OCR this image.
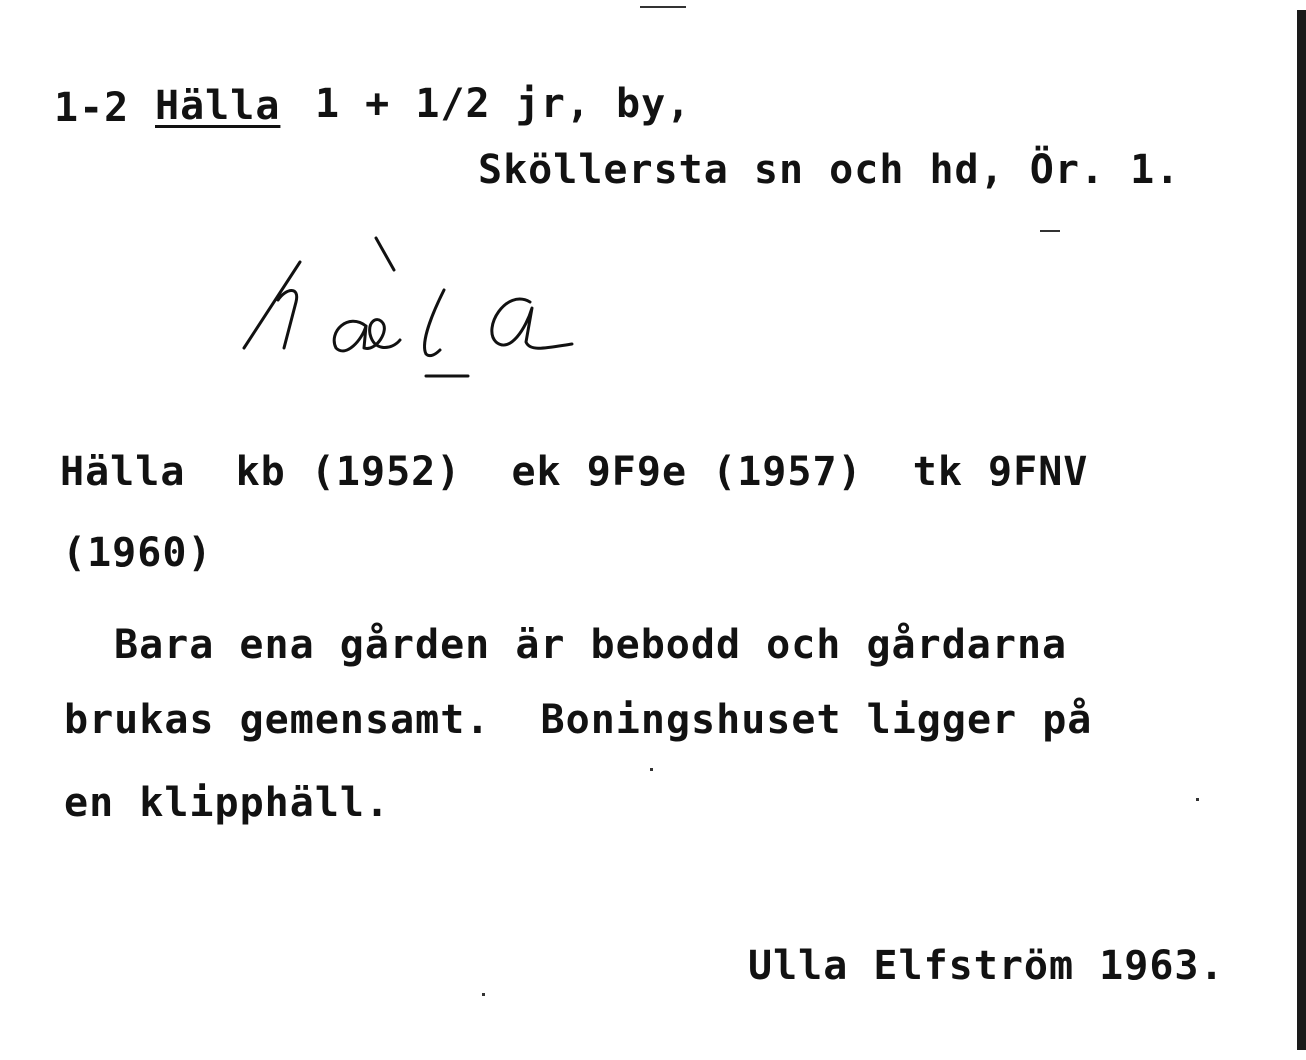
1-2 Hälla 1 + 1/2 jr, by,
Sköllersta sn och hd, Ör. 1.
Hälla  kb (1952)  ek 9F9e (1957)  tk 9FNV
(1960)
Bara ena gården är bebodd och gårdarna
brukas gemensamt.  Boningshuset ligger på
en klipphäll.
Ulla Elfström 1963.
